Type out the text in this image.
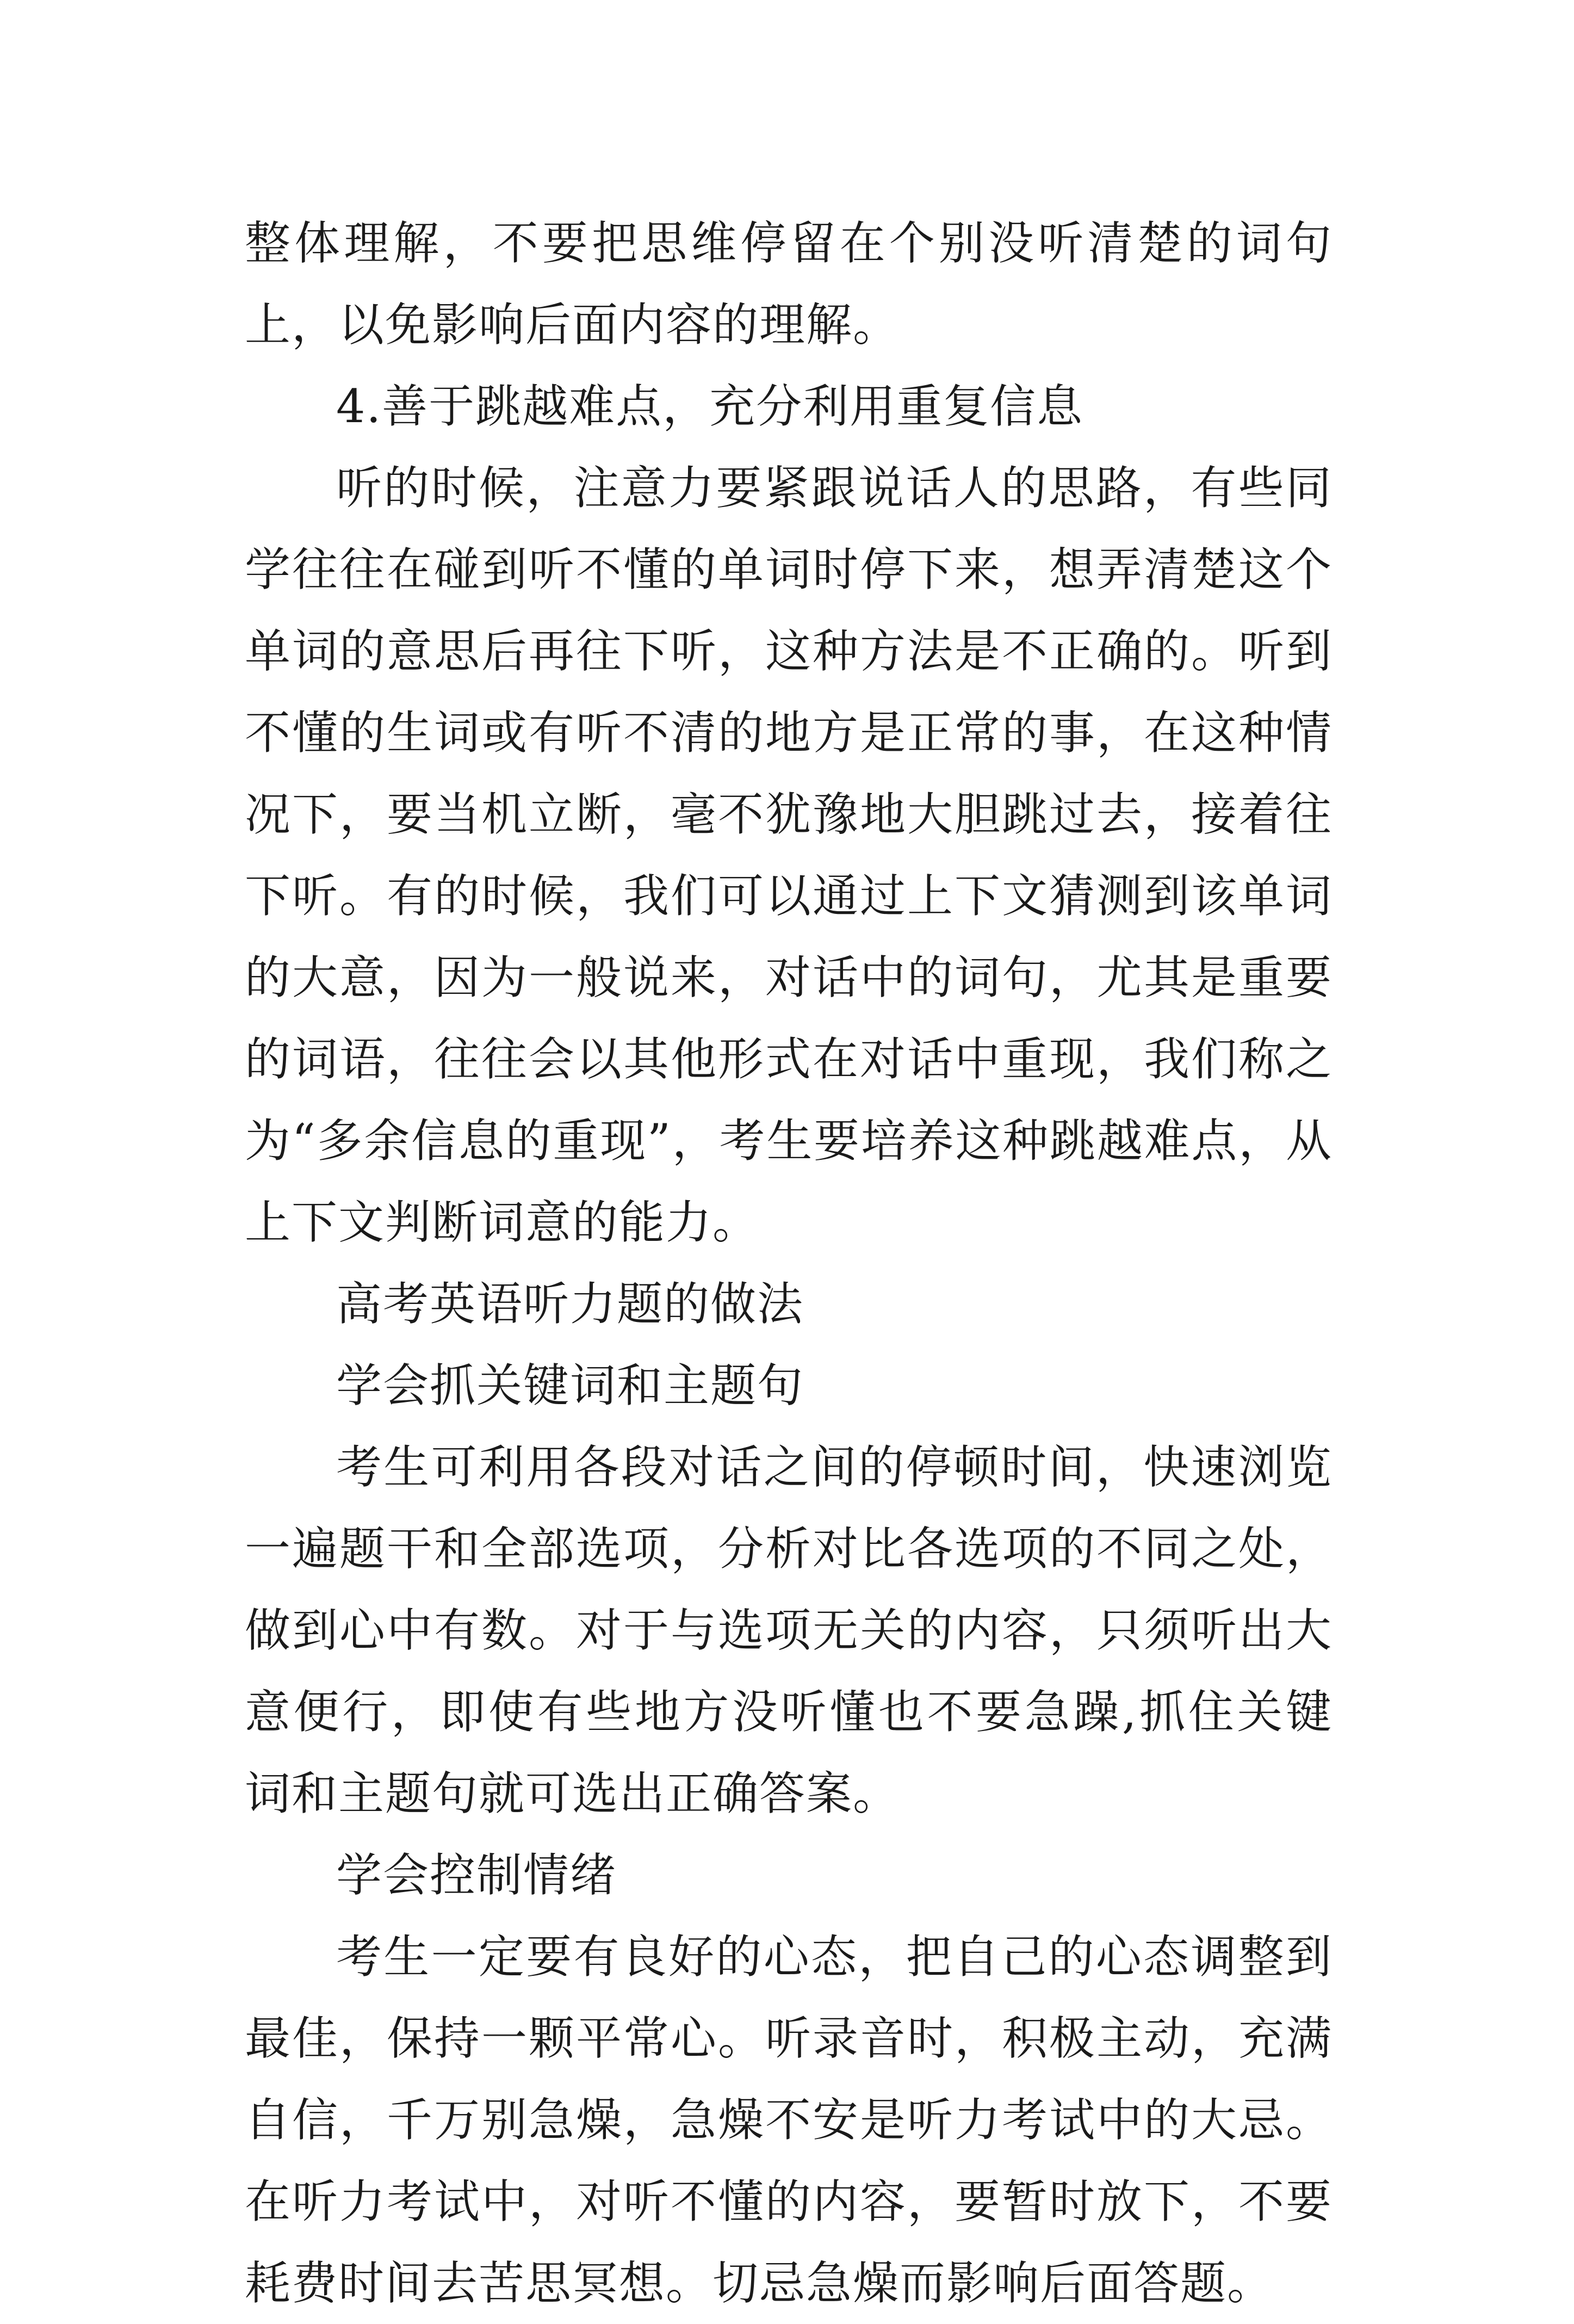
整体理解，不要把思维停留在个别没听清楚的词句上，以免影响后面内容的理解。

4.善于跳越难点，充分利用重复信息

听的时候，注意力要紧跟说话人的思路，有些同学往往在碰到听不懂的单词时停下来，想弄清楚这个单词的意思后再往下听，这种方法是不正确的。听到不懂的生词或有听不清的地方是正常的事，在这种情况下，要当机立断，毫不犹豫地大胆跳过去，接着往下听。有的时候，我们可以通过上下文猜测到该单词的大意，因为一般说来，对话中的词句，尤其是重要的词语，往往会以其他形式在对话中重现，我们称之为“多余信息的重现”，考生要培养这种跳越难点，从上下文判断词意的能力。

高考英语听力题的做法

学会抓关键词和主题句

考生可利用各段对话之间的停顿时间，快速浏览一遍题干和全部选项，分析对比各选项的不同之处，做到心中有数。对于与选项无关的内容，只须听出大意便行，即使有些地方没听懂也不要急躁,抓住关键词和主题句就可选出正确答案。

学会控制情绪

考生一定要有良好的心态，把自己的心态调整到最佳，保持一颗平常心。听录音时，积极主动，充满自信，千万别急燥，急燥不安是听力考试中的大忌。在听力考试中，对听不懂的内容，要暂时放下，不要耗费时间去苦思冥想。切忌急燥而影响后面答题。
